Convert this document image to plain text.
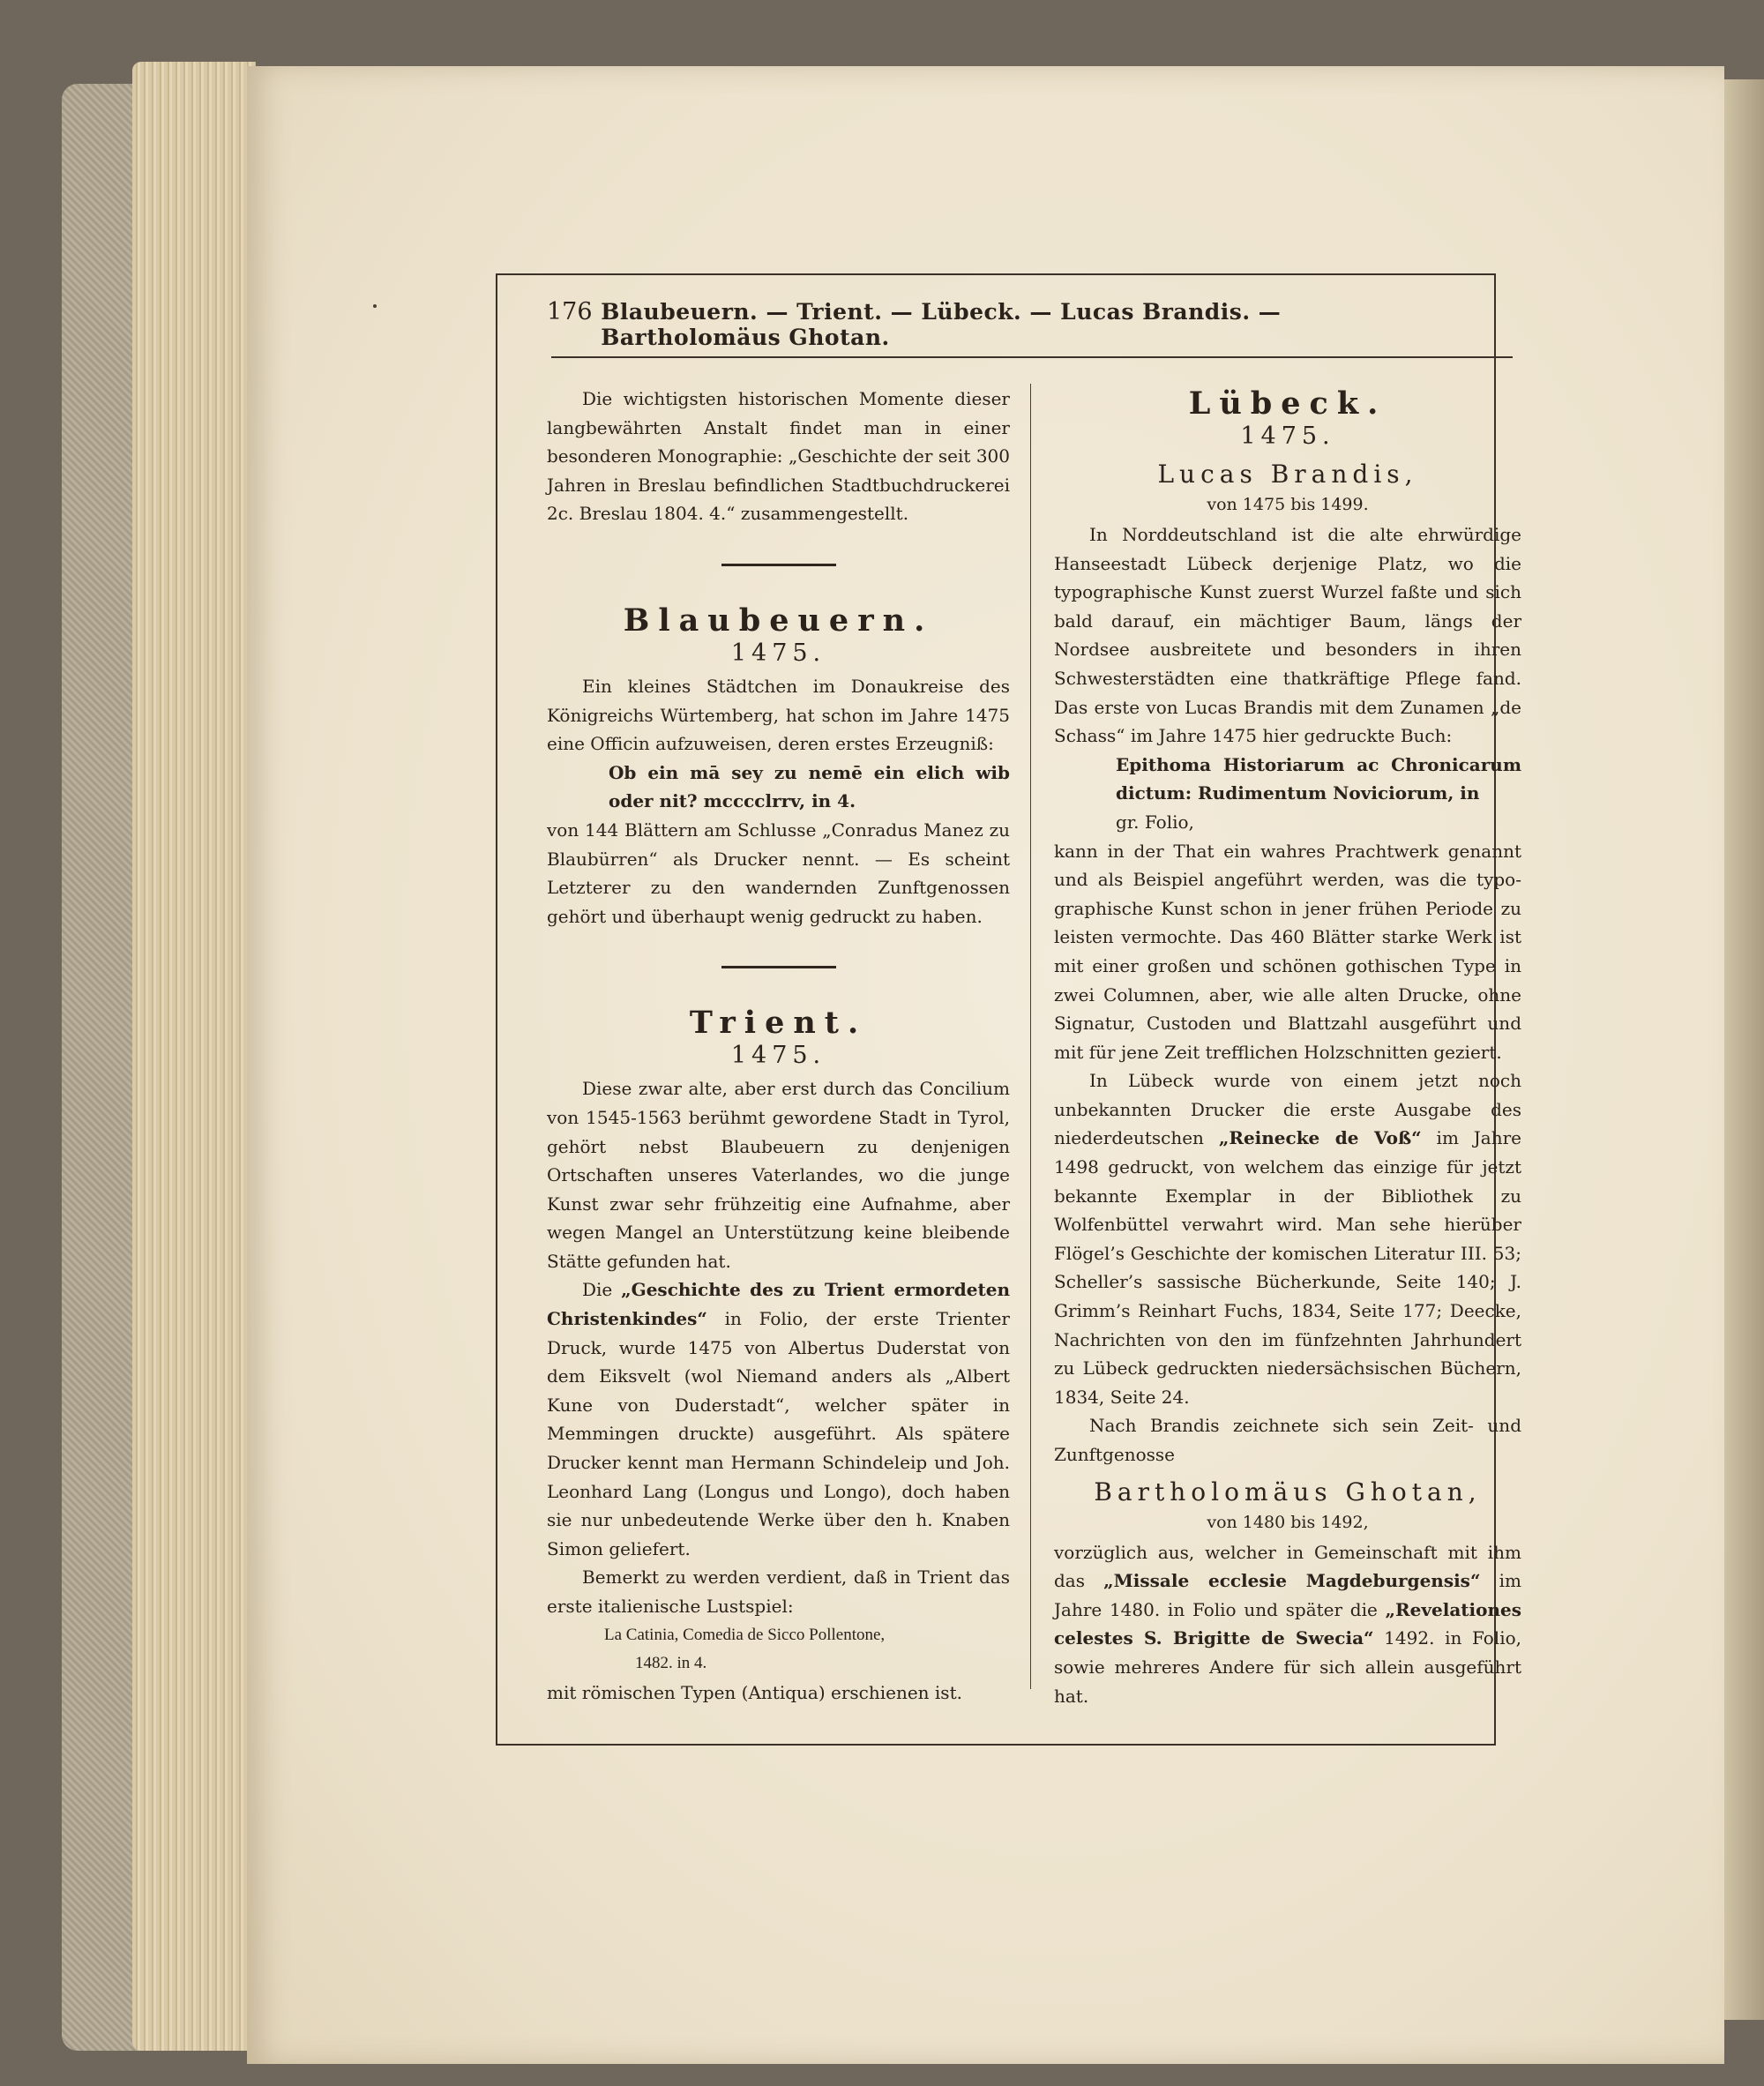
176 Blaubeuern. — Trient. — Lübeck. — Lucas Brandis. — Bartholomäus Ghotan.

Die wichtigsten historischen Momente dieser langbewährten Anstalt findet man in einer besonderen Monographie: „Geschichte der seit 300 Jahren in Breslau befindlichen Stadtbuchdruckerei 2c. Breslau 1804. 4.“ zusammengestellt.

Blaubeuern.
1475.

Ein kleines Städtchen im Donaukreise des Königreichs Würtemberg, hat schon im Jahre 1475 eine Officin aufzuweisen, deren erstes Erzeugniß:

Ob ein mā sey zu nemē ein elich wib oder nit? mcccclrrv, in 4.

von 144 Blättern am Schlusse „Conradus Manez zu Blaubürren“ als Drucker nennt. — Es scheint Letzterer zu den wandernden Zunftgenossen gehört und überhaupt wenig gedruckt zu haben.

Trient.
1475.

Diese zwar alte, aber erst durch das Concilium von 1545-1563 berühmt gewordene Stadt in Tyrol, gehört nebst Blaubeuern zu denjenigen Ortschaften unseres Vaterlandes, wo die junge Kunst zwar sehr frühzeitig eine Aufnahme, aber wegen Mangel an Unterstützung keine bleibende Stätte gefunden hat.

Die „Geschichte des zu Trient ermordeten Christenkindes“ in Folio, der erste Trienter Druck, wurde 1475 von Albertus Duderstat von dem Eiksvelt (wol Niemand anders als „Albert Kune von Duderstadt“, welcher später in Memmingen druckte) ausgeführt. Als spätere Drucker kennt man Hermann Schindeleip und Joh. Leonhard Lang (Longus und Longo), doch haben sie nur unbedeutende Werke über den h. Knaben Simon geliefert.

Bemerkt zu werden verdient, daß in Trient das erste italienische Lustspiel:

La Catinia, Comedia de Sicco Pollentone,

1482. in 4.

mit römischen Typen (Antiqua) erschienen ist.

Lübeck.
1475.
Lucas Brandis,
von 1475 bis 1499.

In Norddeutschland ist die alte ehrwürdige Hanseestadt Lübeck derjenige Platz, wo die typographische Kunst zuerst Wurzel faßte und sich bald darauf, ein mächtiger Baum, längs der Nordsee ausbreitete und besonders in ihren Schwesterstädten eine thatkräftige Pflege fand. Das erste von Lucas Brandis mit dem Zunamen „de Schass“ im Jahre 1475 hier gedruckte Buch:

Epithoma Historiarum ac Chronicarum dictum: Rudimentum Noviciorum, in

gr. Folio,

kann in der That ein wahres Prachtwerk genannt und als Beispiel angeführt werden, was die typographische Kunst schon in jener frühen Periode zu leisten vermochte. Das 460 Blätter starke Werk ist mit einer großen und schönen gothischen Type in zwei Columnen, aber, wie alle alten Drucke, ohne Signatur, Custoden und Blattzahl ausgeführt und mit für jene Zeit trefflichen Holzschnitten geziert.

In Lübeck wurde von einem jetzt noch unbekannten Drucker die erste Ausgabe des niederdeutschen „Reinecke de Voß“ im Jahre 1498 gedruckt, von welchem das einzige für jetzt bekannte Exemplar in der Bibliothek zu Wolfenbüttel verwahrt wird. Man sehe hierüber Flögel’s Geschichte der komischen Literatur III. 53; Scheller’s sassische Bücherkunde, Seite 140; J. Grimm’s Reinhart Fuchs, 1834, Seite 177; Deecke, Nachrichten von den im fünfzehnten Jahrhundert zu Lübeck gedruckten niedersächsischen Büchern, 1834, Seite 24.

Nach Brandis zeichnete sich sein Zeit- und Zunftgenosse

Bartholomäus Ghotan,
von 1480 bis 1492,

vorzüglich aus, welcher in Gemeinschaft mit ihm das „Missale ecclesie Magdeburgensis“ im Jahre 1480. in Folio und später die „Revelationes celestes S. Brigitte de Swecia“ 1492. in Folio, sowie mehreres Andere für sich allein ausgeführt hat.
